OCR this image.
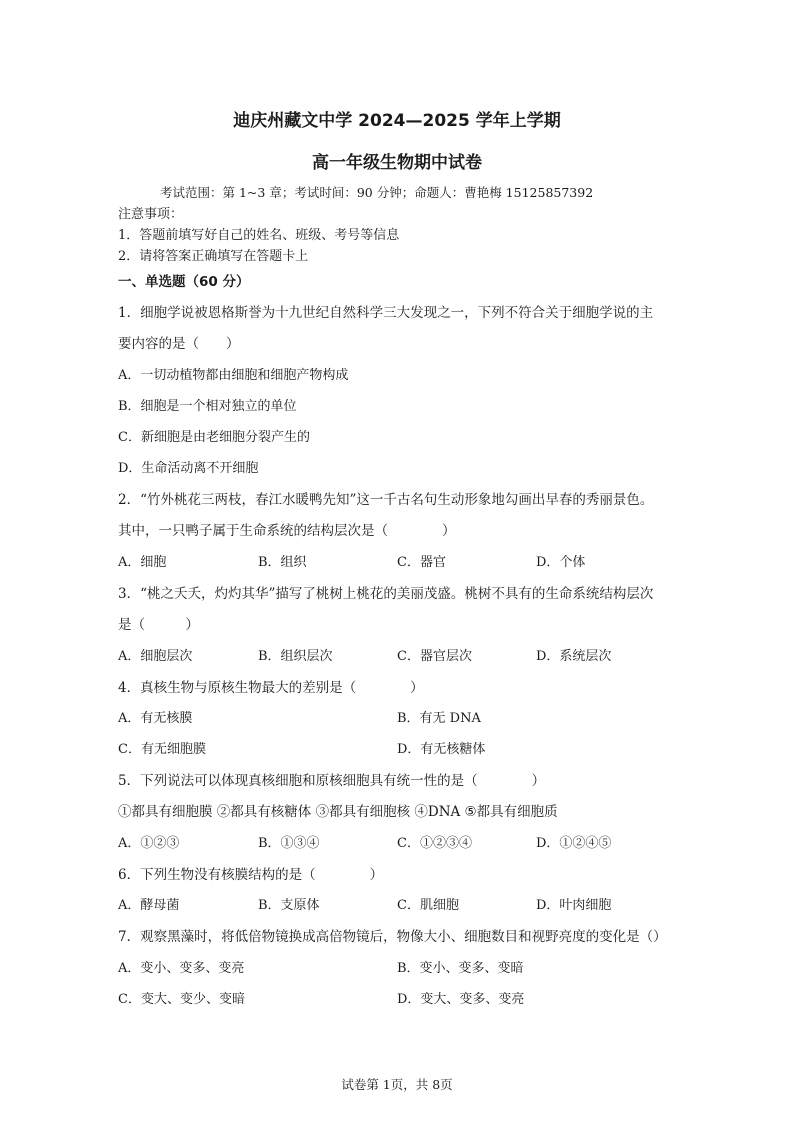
迪庆州藏文中学 2024—2025 学年上学期
高一年级生物期中试卷
考试范围：第 1~3 章；考试时间：90 分钟；命题人：曹艳梅 15125857392
注意事项：
1．答题前填写好自己的姓名、班级、考号等信息
2．请将答案正确填写在答题卡上
一、单选题（60 分）
1．细胞学说被恩格斯誉为十九世纪自然科学三大发现之一，下列不符合关于细胞学说的主
要内容的是（　　）
A．一切动植物都由细胞和细胞产物构成
B．细胞是一个相对独立的单位
C．新细胞是由老细胞分裂产生的
D．生命活动离不开细胞
2．“竹外桃花三两枝，春江水暖鸭先知”这一千古名句生动形象地勾画出早春的秀丽景色。
其中，一只鸭子属于生命系统的结构层次是（　　　　）
A．细胞	B．组织	C．器官	D．个体
3．“桃之夭夭，灼灼其华”描写了桃树上桃花的美丽茂盛。桃树不具有的生命系统结构层次
是（　　　）
A．细胞层次	B．组织层次	C．器官层次	D．系统层次
4．真核生物与原核生物最大的差别是（　　　　）
A．有无核膜	B．有无 DNA
C．有无细胞膜	D．有无核糖体
5．下列说法可以体现真核细胞和原核细胞具有统一性的是（　　　　）
①都具有细胞膜 ②都具有核糖体 ③都具有细胞核 ④DNA ⑤都具有细胞质
A．①②③	B．①③④	C．①②③④	D．①②④⑤
6．下列生物没有核膜结构的是（　　　　）
A．酵母菌	B．支原体	C．肌细胞	D．叶肉细胞
7．观察黑藻时，将低倍物镜换成高倍物镜后，物像大小、细胞数目和视野亮度的变化是（）
A．变小、变多、变亮	B．变小、变多、变暗
C．变大、变少、变暗	D．变大、变多、变亮
试卷第 1页，共 8页
